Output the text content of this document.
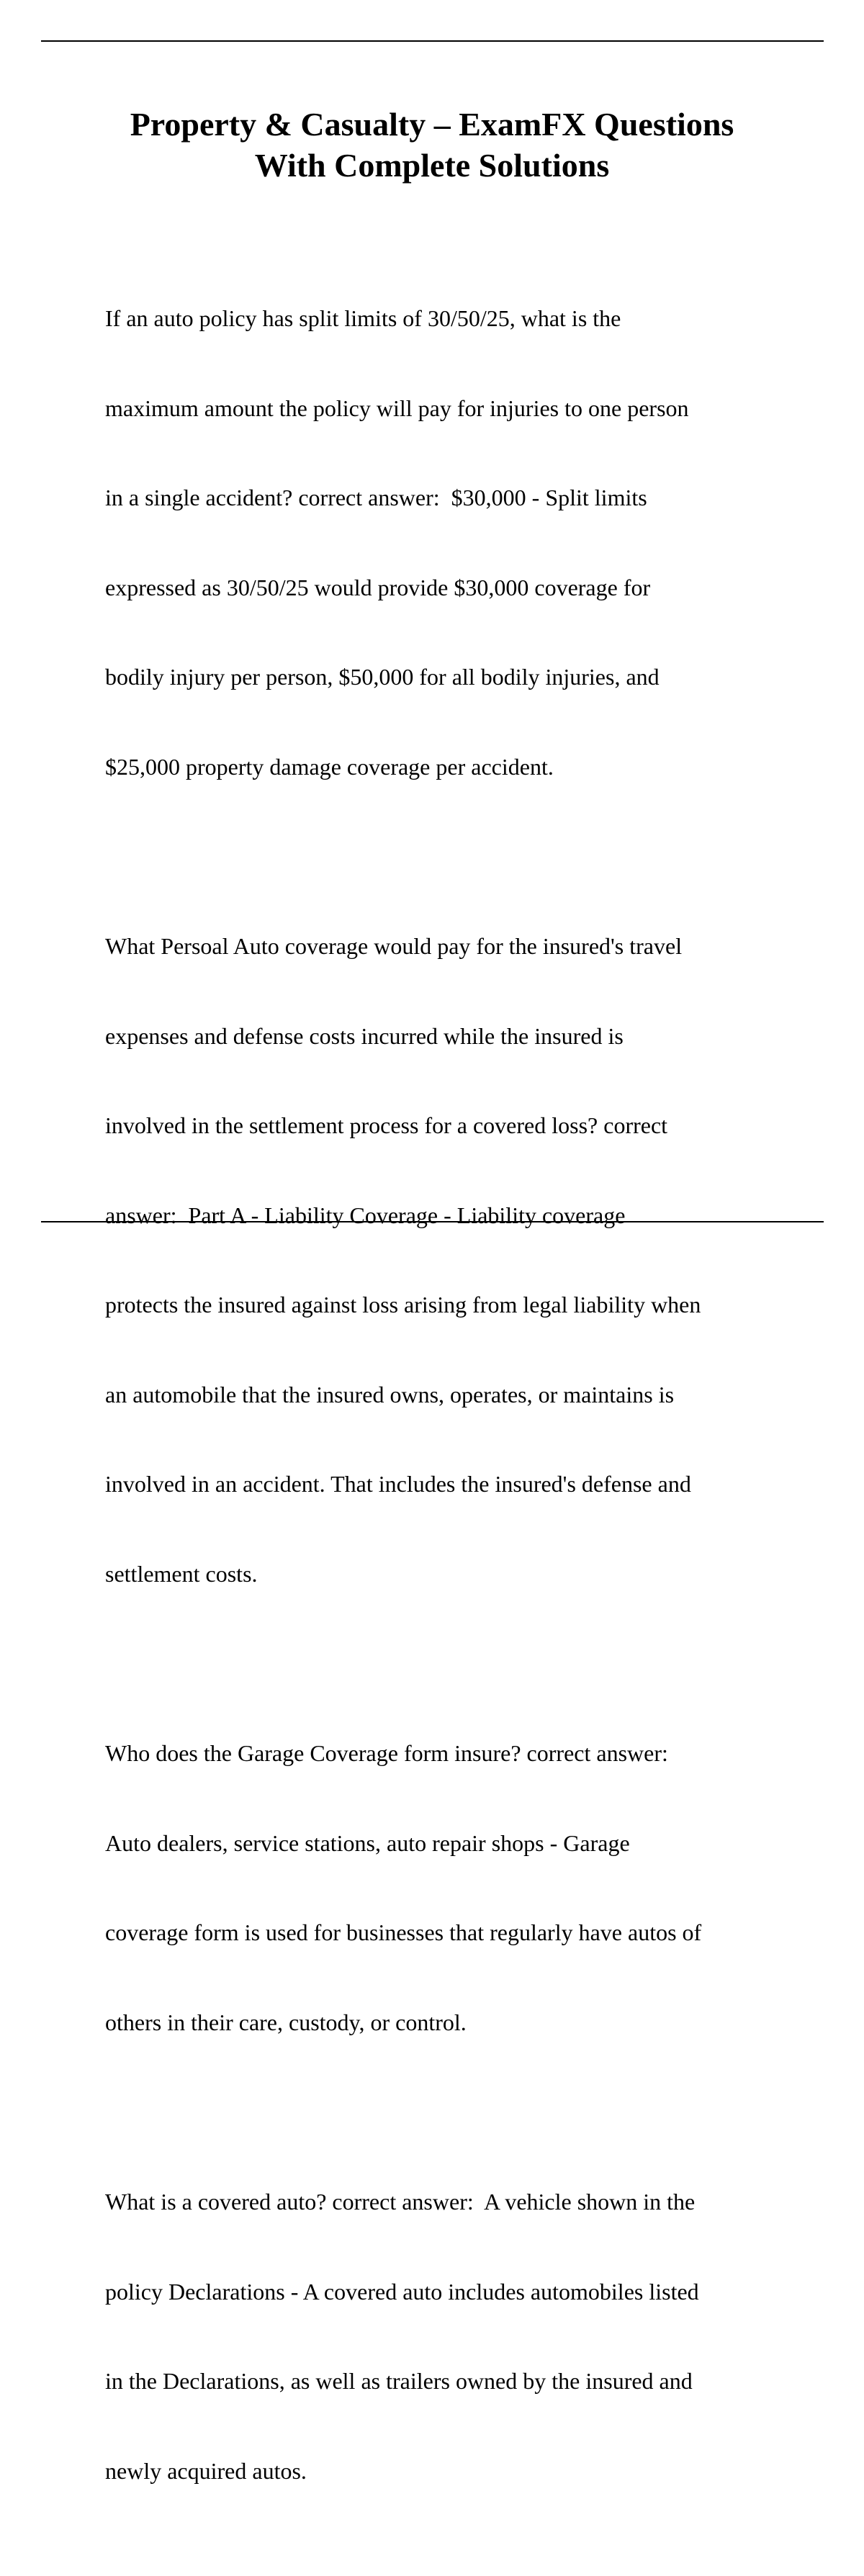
Property & Casualty – ExamFX Questions
With Complete Solutions

If an auto policy has split limits of 30/50/25, what is the

maximum amount the policy will pay for injuries to one person

in a single accident? correct answer:  $30,000 - Split limits

expressed as 30/50/25 would provide $30,000 coverage for

bodily injury per person, $50,000 for all bodily injuries, and

$25,000 property damage coverage per accident.

What Persoal Auto coverage would pay for the insured's travel

expenses and defense costs incurred while the insured is

involved in the settlement process for a covered loss? correct

answer:  Part A - Liability Coverage - Liability coverage

protects the insured against loss arising from legal liability when

an automobile that the insured owns, operates, or maintains is

involved in an accident. That includes the insured's defense and

settlement costs.

Who does the Garage Coverage form insure? correct answer:

Auto dealers, service stations, auto repair shops - Garage

coverage form is used for businesses that regularly have autos of

others in their care, custody, or control.

What is a covered auto? correct answer:  A vehicle shown in the

policy Declarations - A covered auto includes automobiles listed

in the Declarations, as well as trailers owned by the insured and

newly acquired autos.
